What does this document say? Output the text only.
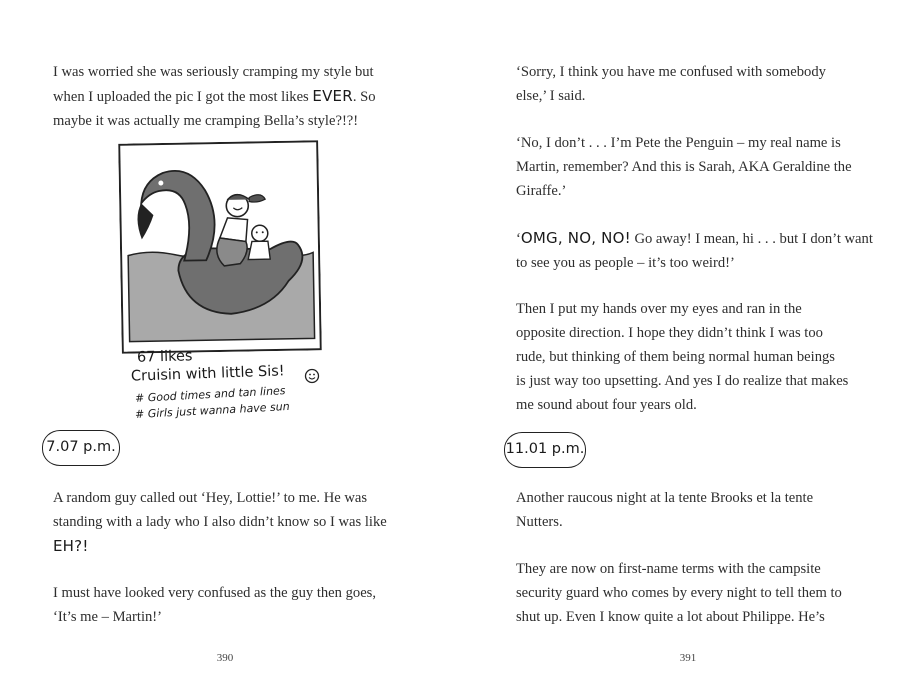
I was worried she was seriously cramping my style but
when I uploaded the pic I got the most likes EVER. So
maybe it was actually me cramping Bella’s style?!?!
67 likes
Cruisin with little Sis!
# Good times and tan lines
# Girls just wanna have sun
7.07 p.m.
A random guy called out ‘Hey, Lottie!’ to me. He was
standing with a lady who I also didn’t know so I was like
EH?!
I must have looked very confused as the guy then goes,
‘It’s me – Martin!’
390
‘Sorry, I think you have me confused with somebody
else,’ I said.
‘No, I don’t . . . I’m Pete the Penguin – my real name is
Martin, remember? And this is Sarah, AKA Geraldine the
Giraffe.’
‘OMG, NO, NO! Go away! I mean, hi . . . but I don’t want
to see you as people – it’s too weird!’
Then I put my hands over my eyes and ran in the
opposite direction. I hope they didn’t think I was too
rude, but thinking of them being normal human beings
is just way too upsetting. And yes I do realize that makes
me sound about four years old.
11.01 p.m.
Another raucous night at la tente Brooks et la tente
Nutters.
They are now on first-name terms with the campsite
security guard who comes by every night to tell them to
shut up. Even I know quite a lot about Philippe. He’s
391
